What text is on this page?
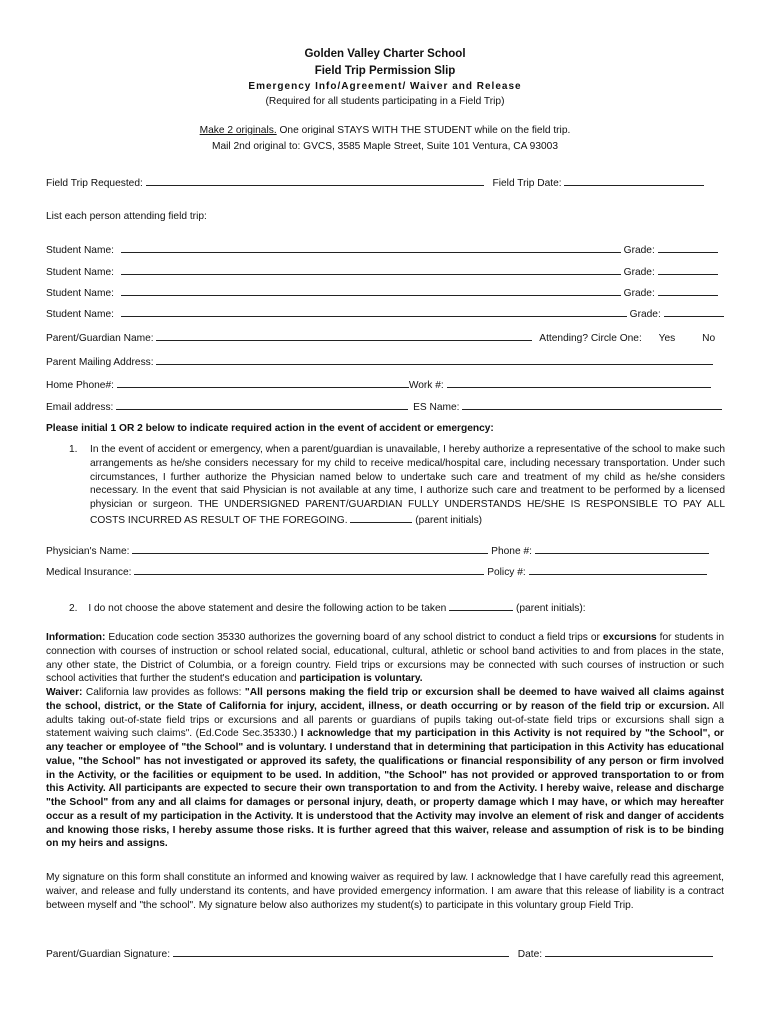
Golden Valley Charter School
Field Trip Permission Slip
Emergency Info/Agreement/ Waiver and Release
(Required for all students participating in a Field Trip)
Make 2 originals. One original STAYS WITH THE STUDENT while on the field trip.
Mail 2nd original to: GVCS, 3585 Maple Street, Suite 101 Ventura, CA 93003
Field Trip Requested:	Field Trip Date:
List each person attending field trip:
Student Name:	Grade:
Student Name:	Grade:
Student Name:	Grade:
Student Name:	Grade:
Parent/Guardian Name:	Attending? Circle One: Yes	No
Parent Mailing Address:
Home Phone#:	Work #:
Email address:	ES Name:
Please initial 1 OR 2 below to indicate required action in the event of accident or emergency:
1. In the event of accident or emergency, when a parent/guardian is unavailable, I hereby authorize a representative of the school to make such arrangements as he/she considers necessary for my child to receive medical/hospital care, including necessary transportation. Under such circumstances, I further authorize the Physician named below to undertake such care and treatment of my child as he/she considers necessary. In the event that said Physician is not available at any time, I authorize such care and treatment to be performed by a licensed physician or surgeon. THE UNDERSIGNED PARENT/GUARDIAN FULLY UNDERSTANDS HE/SHE IS RESPONSIBLE TO PAY ALL COSTS INCURRED AS RESULT OF THE FOREGOING.	(parent initials)
Physician's Name:	Phone #:
Medical Insurance:	Policy #:
2. I do not choose the above statement and desire the following action to be taken	(parent initials):
Information: Education code section 35330 authorizes the governing board of any school district to conduct a field trips or excursions for students in connection with courses of instruction or school related social, educational, cultural, athletic or school band activities to and from places in the state, any other state, the District of Columbia, or a foreign country. Field trips or excursions may be connected with such courses of instruction or such school activities that further the student's education and participation is voluntary.
Waiver: California law provides as follows: "All persons making the field trip or excursion shall be deemed to have waived all claims against the school, district, or the State of California for injury, accident, illness, or death occurring or by reason of the field trip or excursion. All adults taking out-of-state field trips or excursions and all parents or guardians of pupils taking out-of-state field trips or excursions shall sign a statement waiving such claims". (Ed.Code Sec.35330.) I acknowledge that my participation in this Activity is not required by "the School", or any teacher or employee of "the School" and is voluntary. I understand that in determining that participation in this Activity has educational value, "the School" has not investigated or approved its safety, the qualifications or financial responsibility of any person or firm involved in the Activity, or the facilities or equipment to be used. In addition, "the School" has not provided or approved transportation to or from this Activity. All participants are expected to secure their own transportation to and from the Activity. I hereby waive, release and discharge "the School" from any and all claims for damages or personal injury, death, or property damage which I may have, or which may hereafter occur as a result of my participation in the Activity. It is understood that the Activity may involve an element of risk and danger of accidents and knowing those risks, I hereby assume those risks. It is further agreed that this waiver, release and assumption of risk is to be binding on my heirs and assigns.
My signature on this form shall constitute an informed and knowing waiver as required by law. I acknowledge that I have carefully read this agreement, waiver, and release and fully understand its contents, and have provided emergency information. I am aware that this release of liability is a contract between myself and "the school". My signature below also authorizes my student(s) to participate in this voluntary group Field Trip.
Parent/Guardian Signature:	Date:
